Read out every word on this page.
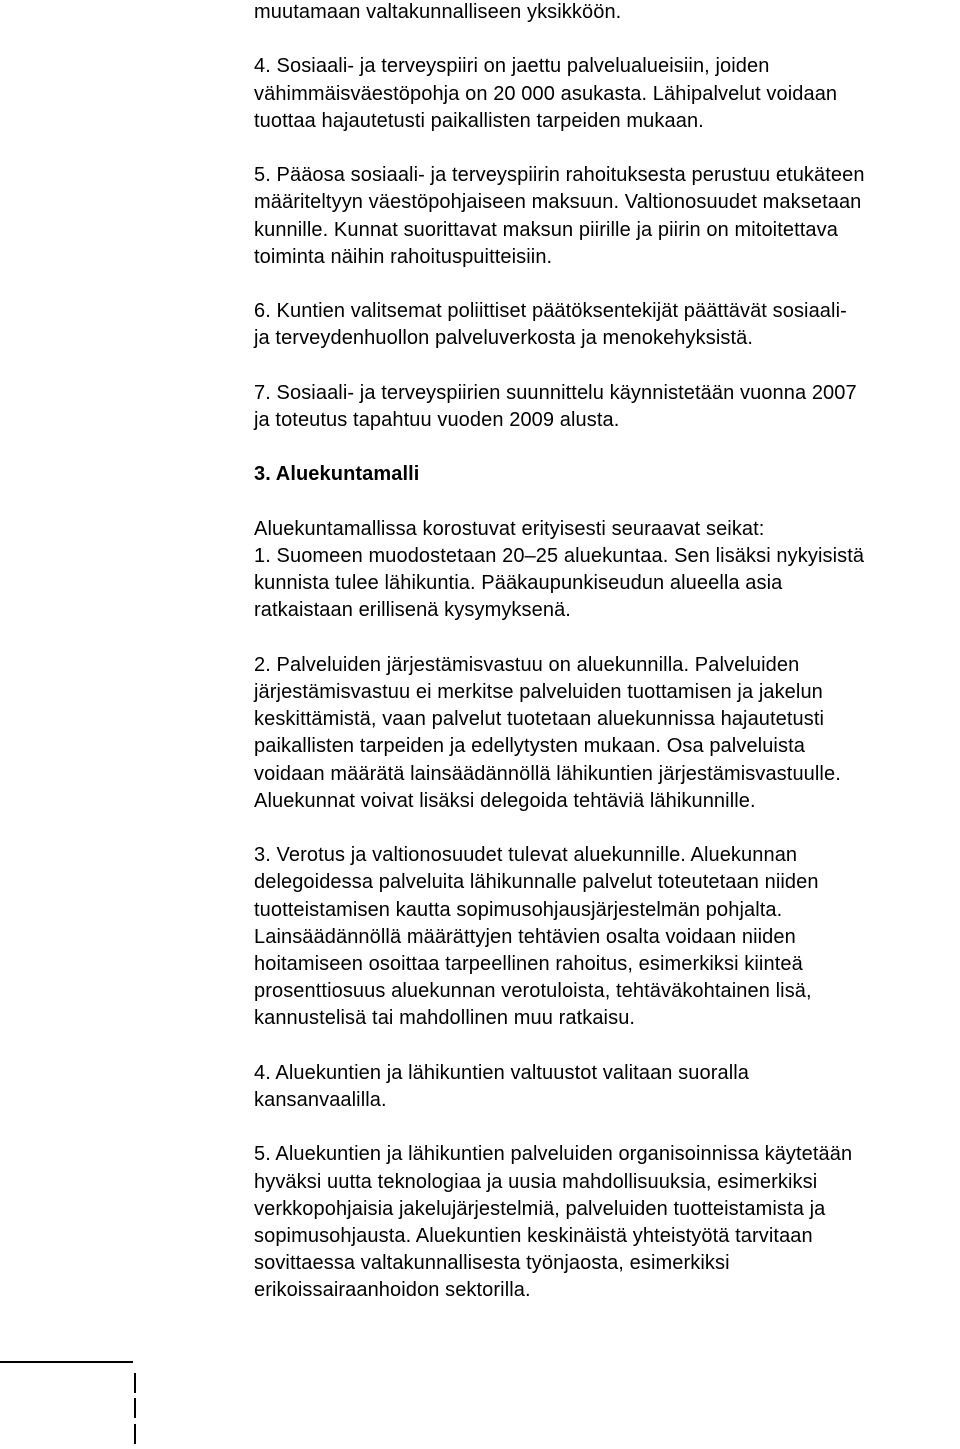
muutamaan valtakunnalliseen yksikköön.
4. Sosiaali- ja terveyspiiri on jaettu palvelualueisiin, joiden
vähimmäisväestöpohja on 20 000 asukasta. Lähipalvelut voidaan
tuottaa hajautetusti paikallisten tarpeiden mukaan.
5. Pääosa sosiaali- ja terveyspiirin rahoituksesta perustuu etukäteen
määriteltyyn väestöpohjaiseen maksuun. Valtionosuudet maksetaan
kunnille. Kunnat suorittavat maksun piirille ja piirin on mitoitettava
toiminta näihin rahoituspuitteisiin.
6. Kuntien valitsemat poliittiset päätöksentekijät päättävät sosiaali-
ja terveydenhuollon palveluverkosta ja menokehyksistä.
7. Sosiaali- ja terveyspiirien suunnittelu käynnistetään vuonna 2007
ja toteutus tapahtuu vuoden 2009 alusta.
3. Aluekuntamalli
Aluekuntamallissa korostuvat erityisesti seuraavat seikat:
1. Suomeen muodostetaan 20–25 aluekuntaa. Sen lisäksi nykyisistä
kunnista tulee lähikuntia. Pääkaupunkiseudun alueella asia
ratkaistaan erillisenä kysymyksenä.
2. Palveluiden järjestämisvastuu on aluekunnilla. Palveluiden
järjestämisvastuu ei merkitse palveluiden tuottamisen ja jakelun
keskittämistä, vaan palvelut tuotetaan aluekunnissa hajautetusti
paikallisten tarpeiden ja edellytysten mukaan. Osa palveluista
voidaan määrätä lainsäädännöllä lähikuntien järjestämisvastuulle.
Aluekunnat voivat lisäksi delegoida tehtäviä lähikunnille.
3. Verotus ja valtionosuudet tulevat aluekunnille. Aluekunnan
delegoidessa palveluita lähikunnalle palvelut toteutetaan niiden
tuotteistamisen kautta sopimusohjausjärjestelmän pohjalta.
Lainsäädännöllä määrättyjen tehtävien osalta voidaan niiden
hoitamiseen osoittaa tarpeellinen rahoitus, esimerkiksi kiinteä
prosenttiosuus aluekunnan verotuloista, tehtäväkohtainen lisä,
kannustelisä tai mahdollinen muu ratkaisu.
4. Aluekuntien ja lähikuntien valtuustot valitaan suoralla
kansanvaalilla.
5. Aluekuntien ja lähikuntien palveluiden organisoinnissa käytetään
hyväksi uutta teknologiaa ja uusia mahdollisuuksia, esimerkiksi
verkkopohjaisia jakelujärjestelmiä, palveluiden tuotteistamista ja
sopimusohjausta. Aluekuntien keskinäistä yhteistyötä tarvitaan
sovittaessa valtakunnallisesta työnjaosta, esimerkiksi
erikoissairaanhoidon sektorilla.
